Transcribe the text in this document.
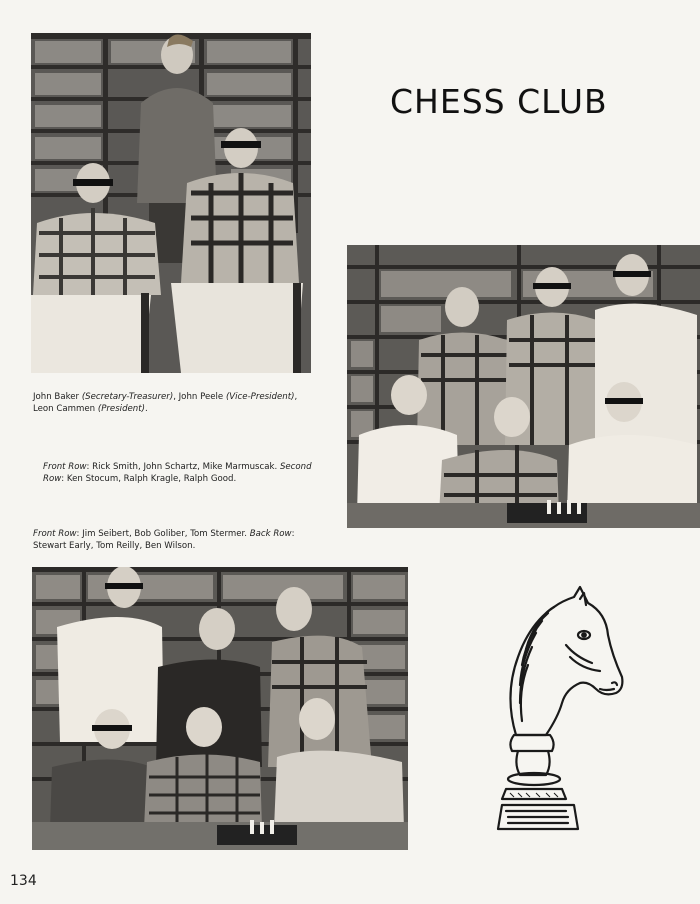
CHESS CLUB
John Baker (Secretary-Treasurer), John Peele (Vice-President), Leon Cammen (President).
Front Row: Rick Smith, John Schartz, Mike Marmuscak. Second Row: Ken Stocum, Ralph Kragle, Ralph Good.
Front Row: Jim Seibert, Bob Goliber, Tom Stermer. Back Row: Stewart Early, Tom Reilly, Ben Wilson.
134
